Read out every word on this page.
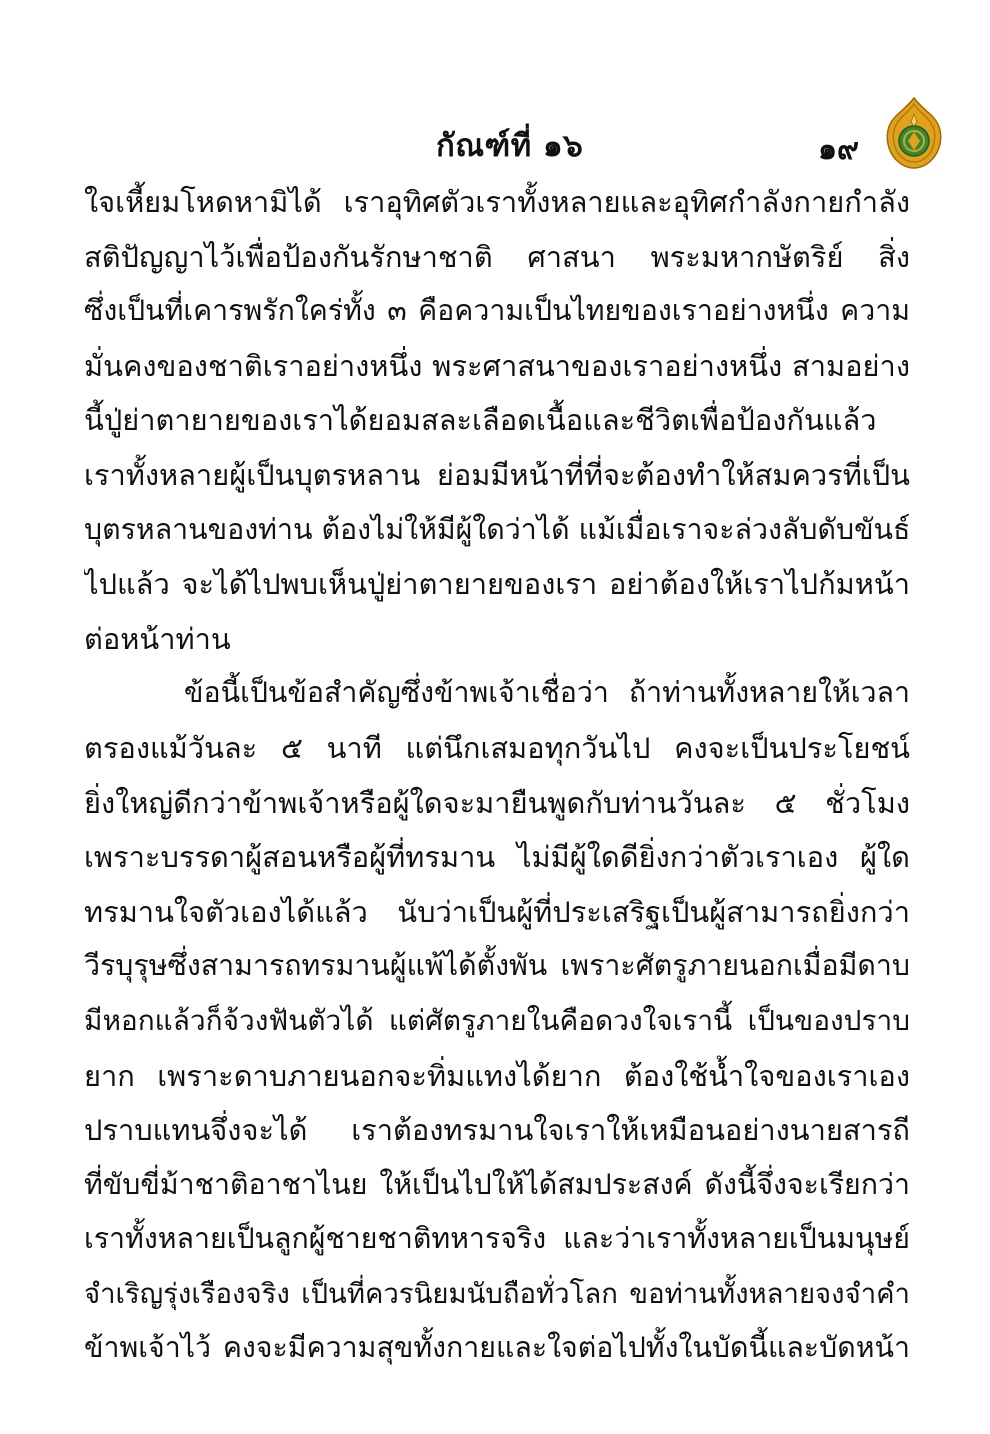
กัณฑ์ที่ ๑๖	๑๙
ใจเหี้ยมโหดหามิได้ เราอุทิศตัวเราทั้งหลายและอุทิศกำลังกายกำลัง
สติปัญญาไว้เพื่อป้องกันรักษาชาติ ศาสนา พระมหากษัตริย์ สิ่ง
ซึ่งเป็นที่เคารพรักใคร่ทั้ง ๓ คือความเป็นไทยของเราอย่างหนึ่ง ความ
มั่นคงของชาติเราอย่างหนึ่ง พระศาสนาของเราอย่างหนึ่ง สามอย่าง
นี้ปู่ย่าตายายของเราได้ยอมสละเลือดเนื้อและชีวิตเพื่อป้องกันแล้ว
เราทั้งหลายผู้เป็นบุตรหลาน ย่อมมีหน้าที่ที่จะต้องทำให้สมควรที่เป็น
บุตรหลานของท่าน ต้องไม่ให้มีผู้ใดว่าได้ แม้เมื่อเราจะล่วงลับดับขันธ์
ไปแล้ว จะได้ไปพบเห็นปู่ย่าตายายของเรา อย่าต้องให้เราไปก้มหน้า
ต่อหน้าท่าน
ข้อนี้เป็นข้อสำคัญซึ่งข้าพเจ้าเชื่อว่า ถ้าท่านทั้งหลายให้เวลา
ตรองแม้วันละ ๕ นาที แต่นึกเสมอทุกวันไป คงจะเป็นประโยชน์
ยิ่งใหญ่ดีกว่าข้าพเจ้าหรือผู้ใดจะมายืนพูดกับท่านวันละ ๕ ชั่วโมง
เพราะบรรดาผู้สอนหรือผู้ที่ทรมาน ไม่มีผู้ใดดียิ่งกว่าตัวเราเอง ผู้ใด
ทรมานใจตัวเองได้แล้ว นับว่าเป็นผู้ที่ประเสริฐเป็นผู้สามารถยิ่งกว่า
วีรบุรุษซึ่งสามารถทรมานผู้แพ้ได้ตั้งพัน เพราะศัตรูภายนอกเมื่อมีดาบ
มีหอกแล้วก็จ้วงฟันตัวได้ แต่ศัตรูภายในคือดวงใจเรานี้ เป็นของปราบ
ยาก เพราะดาบภายนอกจะทิ่มแทงได้ยาก ต้องใช้น้ำใจของเราเอง
ปราบแทนจึ่งจะได้ เราต้องทรมานใจเราให้เหมือนอย่างนายสารถี
ที่ขับขี่ม้าชาติอาชาไนย ให้เป็นไปให้ได้สมประสงค์ ดังนี้จึ่งจะเรียกว่า
เราทั้งหลายเป็นลูกผู้ชายชาติทหารจริง และว่าเราทั้งหลายเป็นมนุษย์
จำเริญรุ่งเรืองจริง เป็นที่ควรนิยมนับถือทั่วโลก ขอท่านทั้งหลายจงจำคำ
ข้าพเจ้าไว้ คงจะมีความสุขทั้งกายและใจต่อไปทั้งในบัดนี้และบัดหน้า
